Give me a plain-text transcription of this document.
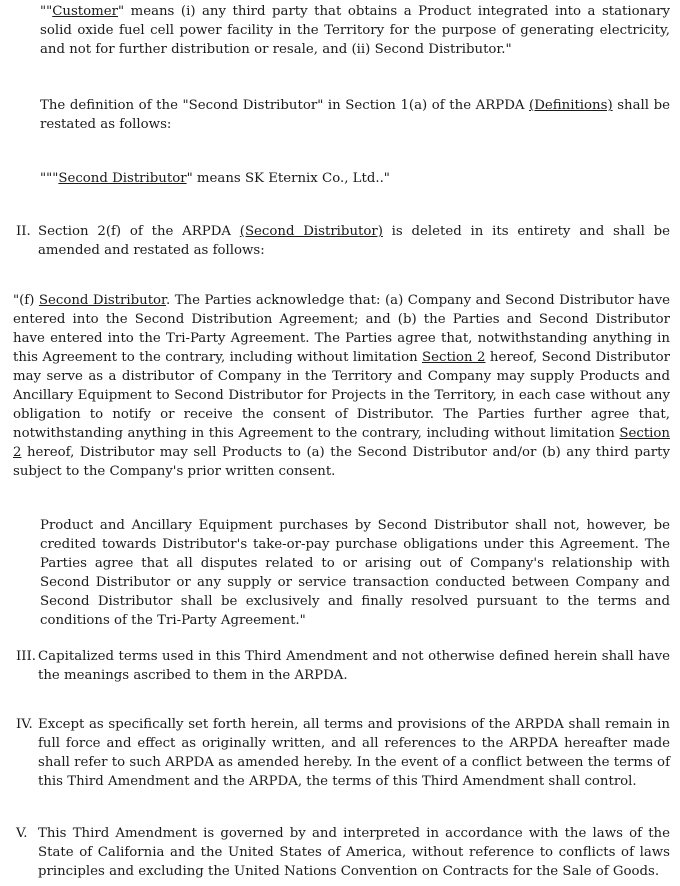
""Customer" means (i) any third party that obtains a Product integrated into a stationary solid oxide fuel cell power facility in the Territory for the purpose of generating electricity, and not for further distribution or resale, and (ii) Second Distributor."

The definition of the "Second Distributor" in Section 1(a) of the ARPDA (Definitions) shall be restated as follows:

"""Second Distributor" means SK Eternix Co., Ltd.."

II. Section 2(f) of the ARPDA (Second Distributor) is deleted in its entirety and shall be amended and restated as follows:

"(f) Second Distributor. The Parties acknowledge that: (a) Company and Second Distributor have entered into the Second Distribution Agreement; and (b) the Parties and Second Distributor have entered into the Tri-Party Agreement. The Parties agree that, notwithstanding anything in this Agreement to the contrary, including without limitation Section 2 hereof, Second Distributor may serve as a distributor of Company in the Territory and Company may supply Products and Ancillary Equipment to Second Distributor for Projects in the Territory, in each case without any obligation to notify or receive the consent of Distributor. The Parties further agree that, notwithstanding anything in this Agreement to the contrary, including without limitation Section 2 hereof, Distributor may sell Products to (a) the Second Distributor and/or (b) any third party subject to the Company's prior written consent.

Product and Ancillary Equipment purchases by Second Distributor shall not, however, be credited towards Distributor's take-or-pay purchase obligations under this Agreement. The Parties agree that all disputes related to or arising out of Company's relationship with Second Distributor or any supply or service transaction conducted between Company and Second Distributor shall be exclusively and finally resolved pursuant to the terms and conditions of the Tri-Party Agreement."

III. Capitalized terms used in this Third Amendment and not otherwise defined herein shall have the meanings ascribed to them in the ARPDA.

IV. Except as specifically set forth herein, all terms and provisions of the ARPDA shall remain in full force and effect as originally written, and all references to the ARPDA hereafter made shall refer to such ARPDA as amended hereby. In the event of a conflict between the terms of this Third Amendment and the ARPDA, the terms of this Third Amendment shall control.

V. This Third Amendment is governed by and interpreted in accordance with the laws of the State of California and the United States of America, without reference to conflicts of laws principles and excluding the United Nations Convention on Contracts for the Sale of Goods.
